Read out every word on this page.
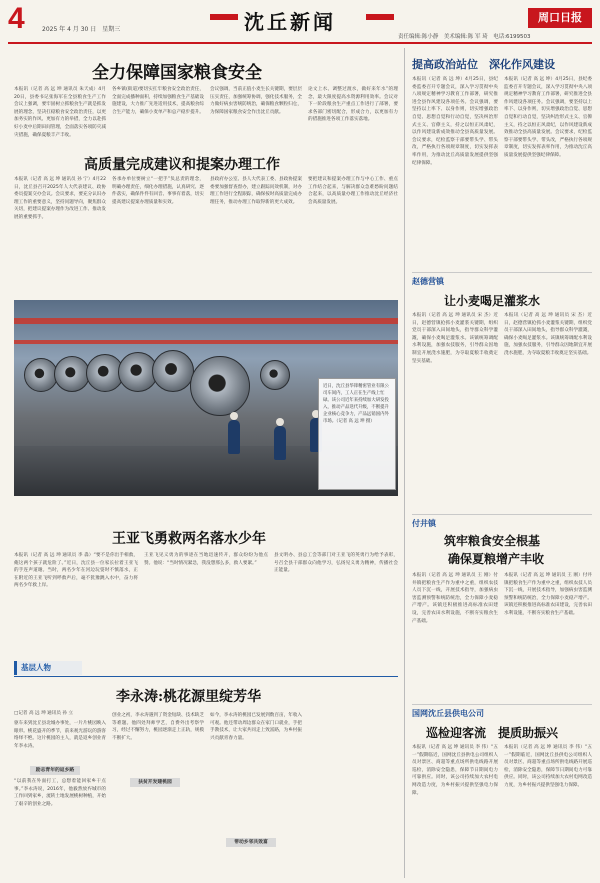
4	2025 年 4 月 30 日　星期三	沈丘新闻	周口日报
责任编辑:陈小静　美术编辑:陈 军 琦　电话:6199503
全力保障国家粮食安全
本报讯（记者 高 远 坤 通讯员 朱天成）4月20日，县委书记张海军在全县粮食生产工作会议上强调，要牢固树立抓粮食生产就是抓发展的理念，坚决扛稳粮食安全政治责任，以更加务实的作风、更加有力的举措，全力以赴抓好小麦中后期田间管理，全面落实各项防灾减灾措施，确保夏粮丰产丰收。
各乡镇(街道)要切实扛牢粮食安全政治责任，全面完成播种面积，持续加强粮食生产基础设施建设，大力推广先进适用技术，提高粮食综合生产能力，确保小麦单产和总产稳步提升。
会议强调，当前正值小麦生长关键期，要层层压实责任，加强统筹协调，强化技术服务，全力做好病虫害统防统治，确保粮食颗粒归仓，为保障国家粮食安全作出沈丘贡献。
论文上水、调整过渡水，做好来年水”的理念，最大限度提高水资源利用效率。会议对下一阶段粮食生产重点工作进行了部署，要求各部门密切配合，形成合力，以更加有力的措施推进各项工作落实落地。
高质量完成建议和提案办理工作
本报讯（记者 高 远 坤 通讯员 孙 宁）4月22日，沈丘县召开2025年人大代表建议、政协委员提案交办会议。会议要求，要充分认识办理工作的重要意义，坚持问题导向，聚焦群众关切，把建议提案办理作为改进工作、推动发展的重要抓手。
各承办单位要树立“一把手”负总责的理念，明确办理责任，细化办理措施，认真研究、逐件落实，确保件件有回音、事事有着落，切实提高建议提案办理质量和实效。
县政府办公室、县人大代表工委、县政协提案委要加强督查督办，建立跟踪问效机制，对办理工作进行全程跟踪，确保按时高质量完成办理任务，推动办理工作取得新的更大成效。
要把建议和提案办理工作与中心工作、重点工作结合起来，与解决群众急难愁盼问题结合起来，以高质量办理工作推动沈丘经济社会高质量发展。
近日，沈丘县华锋精密管业有限公司车间内，工人正在生产线上忙碌。该公司近年来持续加大研发投入，推动产品迭代升级，不断提升企业核心竞争力，产品远销国内外市场。（记者 高 远 坤 摄）
王亚飞勇救两名落水少年
本报讯（记者 高 远 坤 通讯员 李 淼）“要不是你出手相救，俺这两个孩子就危险了。”近日，沈丘县一位家长拉着王亚飞的手连声道谢。当时，两名少年在河边玩耍时不慎落水，正在附近的王亚飞听到呼救声后，毫不犹豫跳入水中，奋力将两名少年救上岸。
王亚飞见义勇为的事迹在当地迅速传开，群众纷纷为他点赞。他说：“当时情况紧急，我没想那么多，救人要紧。”
县文明办、县总工会等部门对王亚飞的英勇行为给予表彰，号召全县干部群众向他学习，弘扬见义勇为精神，传播社会正能量。
基层人物
李永涛:桃花源里绽芳华
□记者 高 远 坤 通讯员 孙 立
驱车来到沈丘县北城办事处，一片片桃园映入眼帘。桃花盛开的季节，前来观光游玩的游客络绎不绝。这片桃园的主人，就是返乡创业青年李永涛。
励志青年的返乡路
“以前我在外面打工，总想着能回家乡干点事。”李永涛说，2016年，他毅然放弃城市的工作回到家乡，流转土地发展桃树种植，开始了艰辛的创业之路。
创业之初，李永涛遇到了资金短缺、技术缺乏等难题。他四处拜师学艺，自费外出考察学习，经过不懈努力，桃园逐渐走上正轨，规模不断扩大。
扶贫开发建桃园
如今，李永涛的桃园已发展到数百亩，年收入可观。他还带动周边群众在家门口就业，手把手教技术，让大家共同走上致富路，为乡村振兴贡献青春力量。
带动乡邻共致富
提高政治站位　深化作风建设
本报讯（记者 高 远 坤）4月25日，县纪委监委召开专题会议，深入学习贯彻中央八项规定精神学习教育工作部署，研究推进全县作风建设各项任务。会议强调，要坚持以上率下、以身作则，切实增强政治自觉、思想自觉和行动自觉，坚决纠治形式主义、官僚主义，持之以恒正风肃纪，以作风建设新成效推动全县高质量发展。会议要求，纪检监察干部要带头学、带头改，严格执行各项规章制度，切实发挥表率作用，为推动沈丘高质量发展提供坚强纪律保障。
本报讯（记者 高 远 坤）4月25日，县纪委监委召开专题会议，深入学习贯彻中央八项规定精神学习教育工作部署，研究推进全县作风建设各项任务。会议强调，要坚持以上率下、以身作则，切实增强政治自觉、思想自觉和行动自觉，坚决纠治形式主义、官僚主义，持之以恒正风肃纪，以作风建设新成效推动全县高质量发展。会议要求，纪检监察干部要带头学、带头改，严格执行各项规章制度，切实发挥表率作用，为推动沈丘高质量发展提供坚强纪律保障。
赵德营镇
让小麦喝足灌浆水
本报讯（记者 高 远 坤 通讯员 宋 杰）近日，赵德营镇抢抓小麦灌浆关键期，组织党员干部深入田间地头，指导群众科学灌溉，确保小麦喝足灌浆水。该镇统筹调配水利设施，加强农技服务，引导群众因地制宜开展浇水施肥，为夺取夏粮丰收奠定坚实基础。
本报讯（记者 高 远 坤 通讯员 宋 杰）近日，赵德营镇抢抓小麦灌浆关键期，组织党员干部深入田间地头，指导群众科学灌溉，确保小麦喝足灌浆水。该镇统筹调配水利设施，加强农技服务，引导群众因地制宜开展浇水施肥，为夺取夏粮丰收奠定坚实基础。
付井镇
筑牢粮食安全根基
确保夏粮增产丰收
本报讯（记者 高 远 坤 通讯员 王 刚）付井镇把粮食生产作为重中之重，组织农技人员下沉一线，开展技术指导，加强病虫害监测预警和统防统治，全力保障小麦稳产增产。该镇还积极推进高标准农田建设，完善农田水利设施，不断夯实粮食生产基础。
本报讯（记者 高 远 坤 通讯员 王 刚）付井镇把粮食生产作为重中之重，组织农技人员下沉一线，开展技术指导，加强病虫害监测预警和统防统治，全力保障小麦稳产增产。该镇还积极推进高标准农田建设，完善农田水利设施，不断夯实粮食生产基础。
国网沈丘县供电公司
巡检迎客流　提质助振兴
本报讯（记者 高 远 坤 通讯员 李 伟）“五一”假期临近，国网沈丘县供电公司组织人员对景区、商超等重点场所供电线路开展巡检，消除安全隐患，保障节日期间电力可靠供应。同时，该公司持续加大农村电网改造力度，为乡村振兴提供坚强电力保障。
本报讯（记者 高 远 坤 通讯员 李 伟）“五一”假期临近，国网沈丘县供电公司组织人员对景区、商超等重点场所供电线路开展巡检，消除安全隐患，保障节日期间电力可靠供应。同时，该公司持续加大农村电网改造力度，为乡村振兴提供坚强电力保障。
